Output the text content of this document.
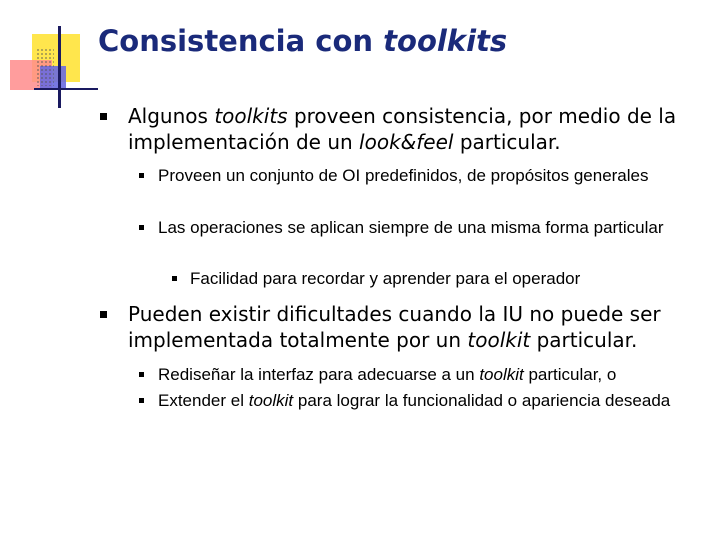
Consistencia con toolkits
Algunos toolkits proveen consistencia, por medio de la implementación de un look&feel particular.
Proveen un conjunto de OI predefinidos, de propósitos generales
Las operaciones se aplican siempre de una misma forma particular
Facilidad para recordar y aprender para el operador
Pueden existir dificultades cuando la IU no puede ser implementada totalmente por un toolkit particular.
Rediseñar la interfaz para adecuarse a un toolkit particular, o
Extender el toolkit para lograr la funcionalidad o apariencia deseada
